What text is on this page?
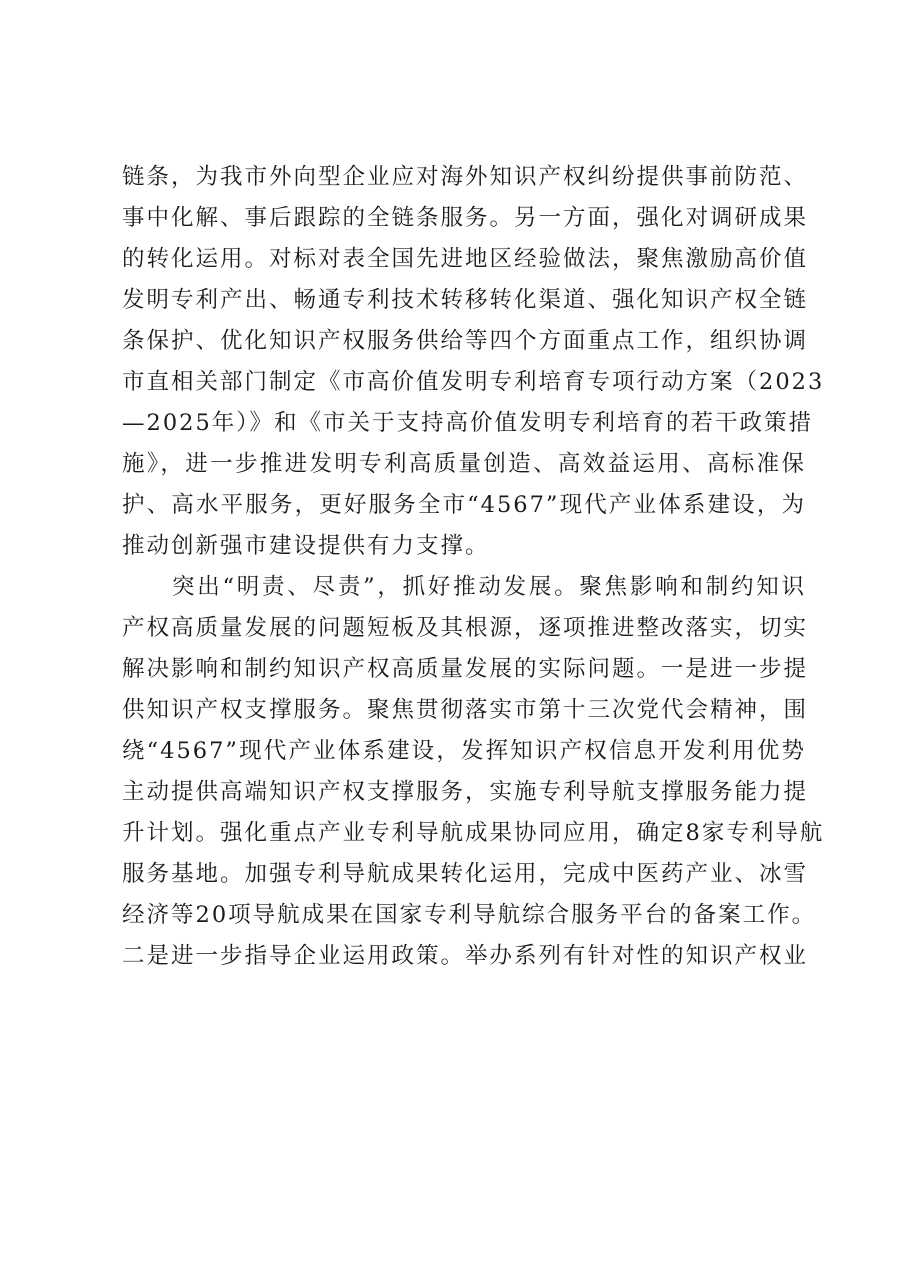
链条，为我市外向型企业应对海外知识产权纠纷提供事前防范、
事中化解、事后跟踪的全链条服务。另一方面，强化对调研成果
的转化运用。对标对表全国先进地区经验做法，聚焦激励高价值
发明专利产出、畅通专利技术转移转化渠道、强化知识产权全链
条保护、优化知识产权服务供给等四个方面重点工作，组织协调
市直相关部门制定《市高价值发明专利培育专项行动方案（2023
—2025年）》和《市关于支持高价值发明专利培育的若干政策措
施》，进一步推进发明专利高质量创造、高效益运用、高标准保
护、高水平服务，更好服务全市“4567”现代产业体系建设，为
推动创新强市建设提供有力支撑。
突出“明责、尽责”，抓好推动发展。聚焦影响和制约知识
产权高质量发展的问题短板及其根源，逐项推进整改落实，切实
解决影响和制约知识产权高质量发展的实际问题。一是进一步提
供知识产权支撑服务。聚焦贯彻落实市第十三次党代会精神，围
绕“4567”现代产业体系建设，发挥知识产权信息开发利用优势
主动提供高端知识产权支撑服务，实施专利导航支撑服务能力提
升计划。强化重点产业专利导航成果协同应用，确定8家专利导航
服务基地。加强专利导航成果转化运用，完成中医药产业、冰雪
经济等20项导航成果在国家专利导航综合服务平台的备案工作。
二是进一步指导企业运用政策。举办系列有针对性的知识产权业
